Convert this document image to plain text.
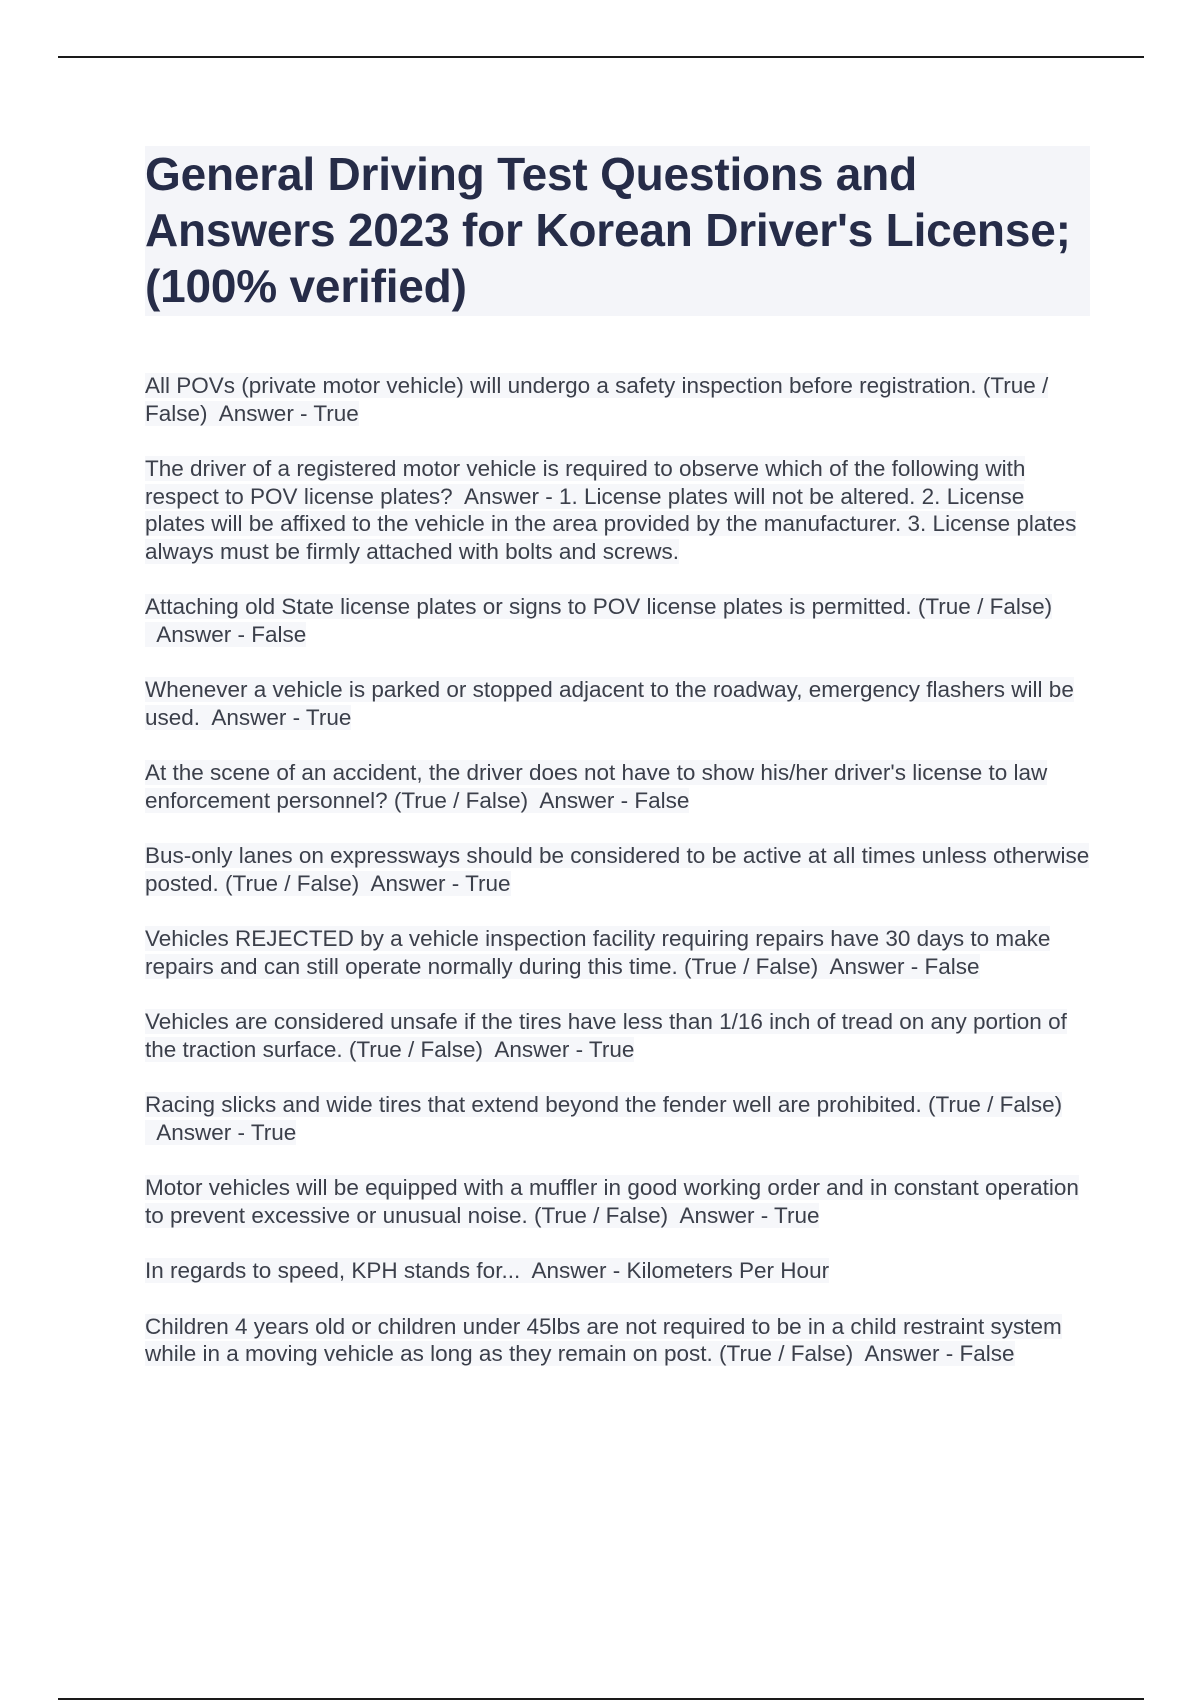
General Driving Test Questions and Answers 2023 for Korean Driver's License;(100% verified)
All POVs (private motor vehicle) will undergo a safety inspection before registration. (True / False) Answer - True
The driver of a registered motor vehicle is required to observe which of the following with respect to POV license plates? Answer - 1. License plates will not be altered. 2. License plates will be affixed to the vehicle in the area provided by the manufacturer. 3. License plates always must be firmly attached with bolts and screws.
Attaching old State license plates or signs to POV license plates is permitted. (True / False)  Answer - False
Whenever a vehicle is parked or stopped adjacent to the roadway, emergency flashers will be used. Answer - True
At the scene of an accident, the driver does not have to show his/her driver's license to law enforcement personnel? (True / False) Answer - False
Bus-only lanes on expressways should be considered to be active at all times unless otherwise posted. (True / False) Answer - True
Vehicles REJECTED by a vehicle inspection facility requiring repairs have 30 days to make repairs and can still operate normally during this time. (True / False) Answer - False
Vehicles are considered unsafe if the tires have less than 1/16 inch of tread on any portion of the traction surface. (True / False) Answer - True
Racing slicks and wide tires that extend beyond the fender well are prohibited. (True / False)  Answer - True
Motor vehicles will be equipped with a muffler in good working order and in constant operation to prevent excessive or unusual noise. (True / False) Answer - True
In regards to speed, KPH stands for... Answer - Kilometers Per Hour
Children 4 years old or children under 45lbs are not required to be in a child restraint system while in a moving vehicle as long as they remain on post. (True / False) Answer - False
